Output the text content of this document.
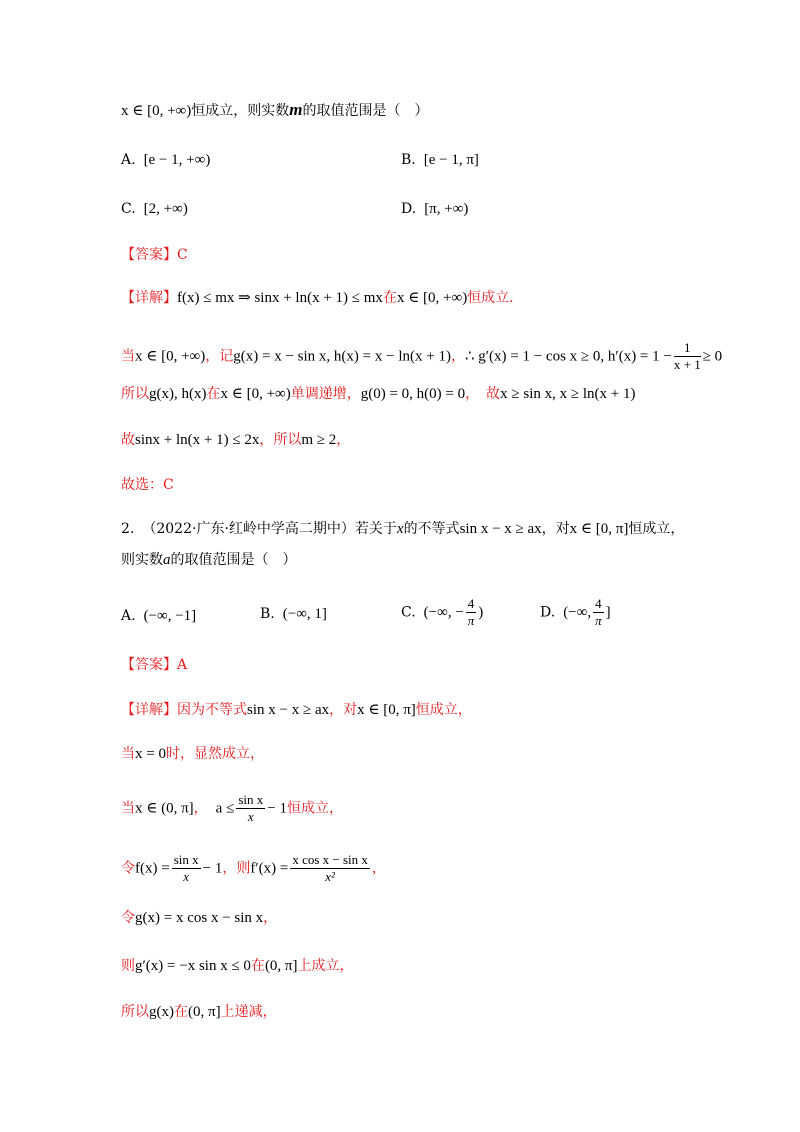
x ∈ [0, +∞)恒成立，则实数m的取值范围是（　）
A. [e − 1, +∞)	B. [e − 1, π]
C. [2, +∞)	D. [π, +∞)
【答案】C
【详解】f(x) ≤ mx ⇒ sinx + ln(x + 1) ≤ mx在x ∈ [0, +∞)恒成立.
当x ∈ [0, +∞)，记g(x) = x − sin x, h(x) = x − ln(x + 1)，∴ g′(x) = 1 − cos x ≥ 0, $h'(x) = 1 - \frac{1}{x + 1} \ge 0$
所以g(x), h(x)在x ∈ [0, +∞)单调递增，g(0) = 0, h(0) = 0，　故x ≥ sin x, x ≥ ln(x + 1)
故sinx + ln(x + 1) ≤ 2x，所以m ≥ 2，
故选：C
2. （2022·广东·红岭中学高二期中）若关于x的不等式sin x − x ≥ ax，对x ∈ [0, π]恒成立，
则实数a的取值范围是（　）
A. (−∞, −1]	B. (−∞, 1]	C. (−∞, − $\frac{4}{\pi}$ )	D. (−∞, $\frac{4}{\pi}$ ]
【答案】A
【详解】因为不等式sin x − x ≥ ax，对x ∈ [0, π]恒成立，
当x = 0时，显然成立，
当x ∈ (0, π]， $a \le \frac{\text{sin x}}{x} - 1$恒成立，
令$f(x) = \frac{\text{sin x}}{x} - 1$，则$f'(x) = \frac{\text{x cos x − sin x}}{\text{x²}}$ ，
令g(x) = x cos x − sin x，
则g′(x) = −x sin x ≤ 0在(0, π]上成立，
所以g(x)在(0, π]上递减，
